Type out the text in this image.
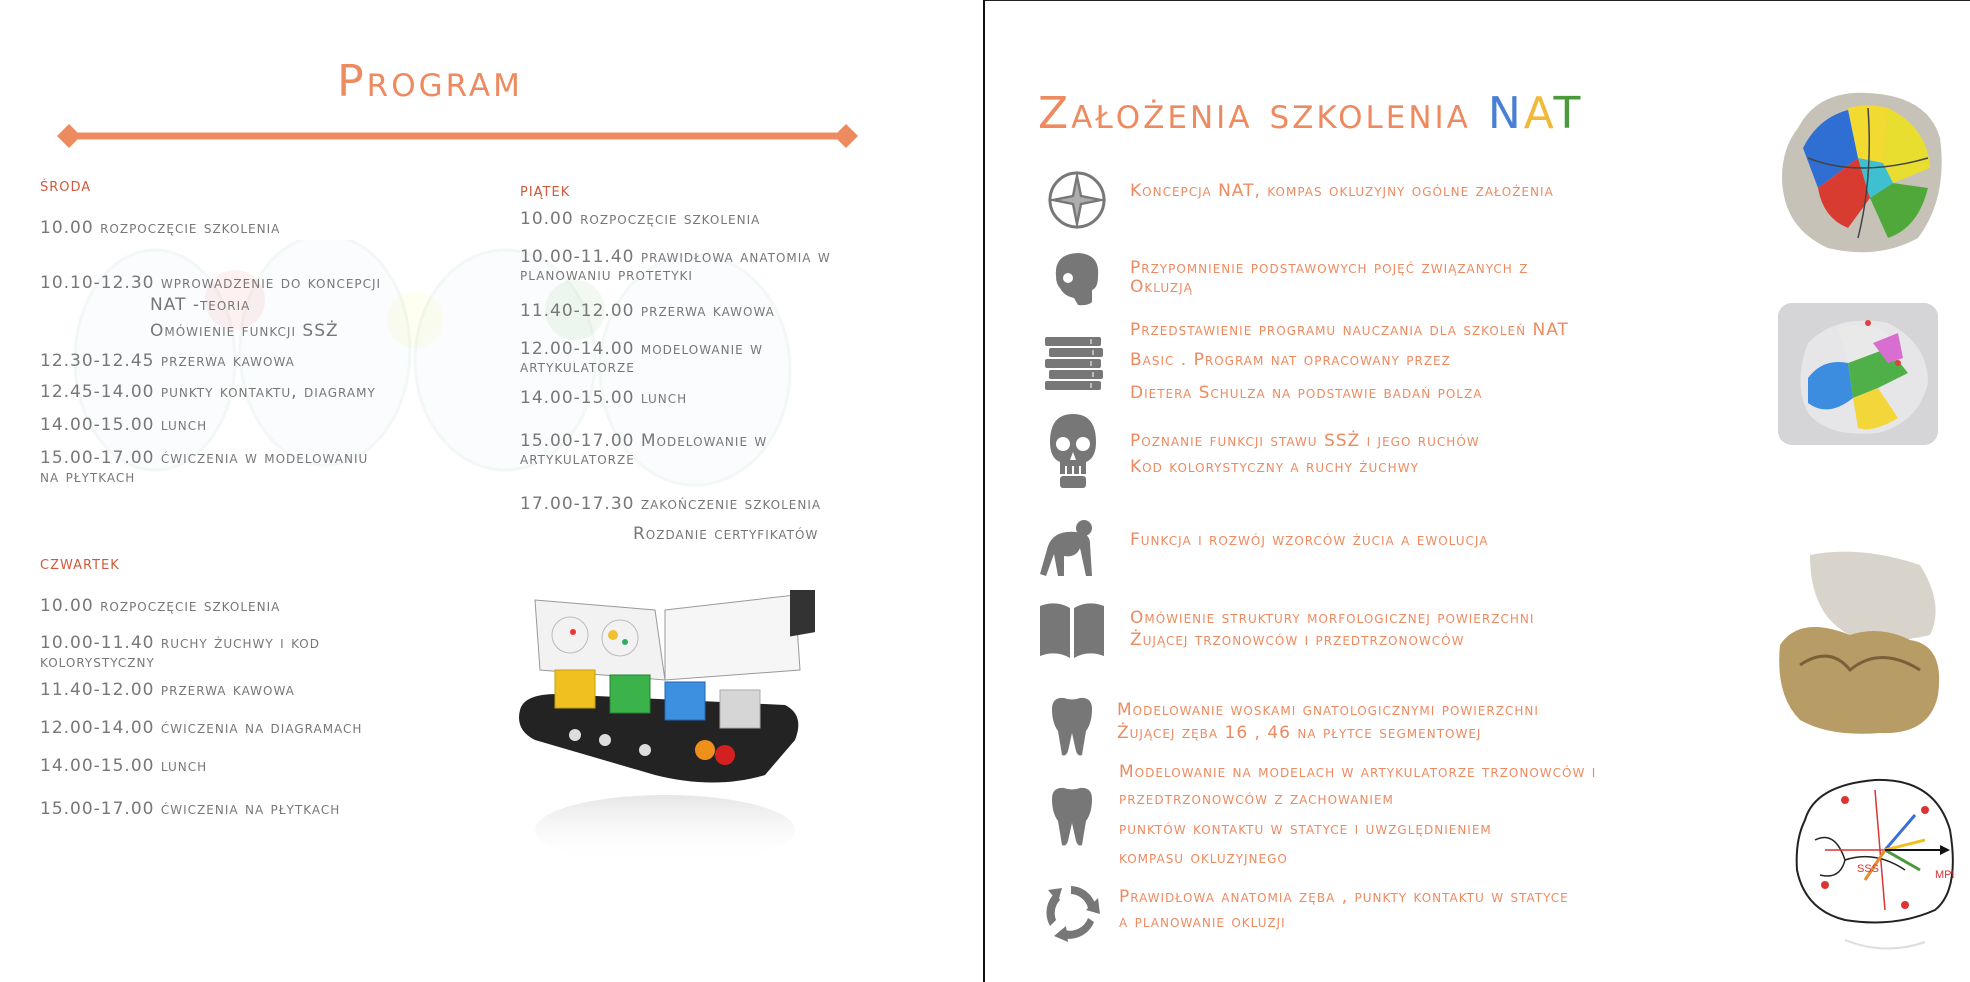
Program
środa
10.00 rozpoczęcie szkolenia
10.10-12.30 wprowadzenie do koncepcji
NAT -teoria
Omówienie funkcji SSŻ
12.30-12.45 przerwa kawowa
12.45-14.00 punkty kontaktu, diagramy
14.00-15.00 lunch
15.00-17.00 ćwiczenia w modelowaniu
na płytkach
czwartek
10.00 rozpoczęcie szkolenia
10.00-11.40 ruchy żuchwy i kod
kolorystyczny
11.40-12.00 przerwa kawowa
12.00-14.00 ćwiczenia na diagramach
14.00-15.00 lunch
15.00-17.00 ćwiczenia na płytkach
piątek
10.00 rozpoczęcie szkolenia
10.00-11.40 prawidłowa anatomia w
planowaniu protetyki
11.40-12.00 przerwa kawowa
12.00-14.00 modelowanie w
artykulatorze
14.00-15.00 lunch
15.00-17.00 Modelowanie w
artykulatorze
17.00-17.30 zakończenie szkolenia
Rozdanie certyfikatów
Założenia szkolenia NAT
Koncepcja NAT, kompas okluzyjny ogólne założenia
Przypomnienie podstawowych pojęć związanych z
Okluzją
Przedstawienie programu nauczania dla szkoleń NAT
Basic . Program nat opracowany przez
Dietera Schulza na podstawie badań polza
Poznanie funkcji stawu SSŻ i jego ruchów
Kod kolorystyczny a ruchy żuchwy
Funkcja i rozwój wzorców żucia a ewolucja
Omówienie struktury morfologicznej powierzchni
Żującej trzonowców i przedtrzonowców
Modelowanie woskami gnatologicznymi powierzchni
Żującej zęba 16 , 46 na płytce segmentowej
Modelowanie na modelach w artykulatorze trzonowców i
przedtrzonowców z zachowaniem
punktów kontaktu w statyce i uwzględnieniem
kompasu okluzyjnego
Prawidłowa anatomia zęba , punkty kontaktu w statyce
a planowanie okluzji
SSS	MPI
